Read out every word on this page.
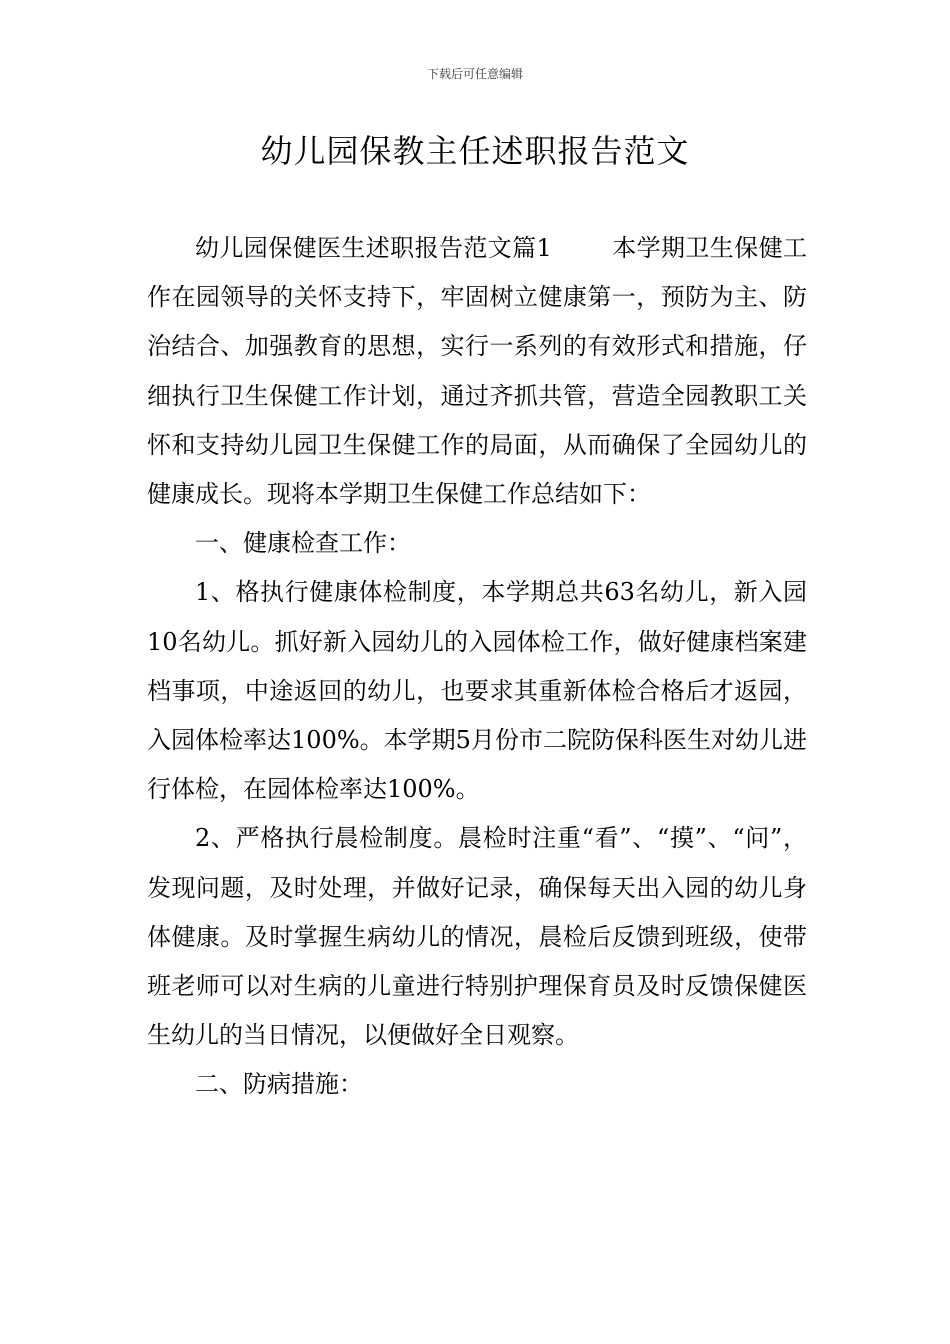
下载后可任意编辑
幼儿园保教主任述职报告范文

幼儿园保健医生述职报告范文篇1	本学期卫生保健工作在园领导的关怀支持下，牢固树立健康第一，预防为主、防治结合、加强教育的思想，实行一系列的有效形式和措施，仔细执行卫生保健工作计划，通过齐抓共管，营造全园教职工关怀和支持幼儿园卫生保健工作的局面，从而确保了全园幼儿的健康成长。现将本学期卫生保健工作总结如下：

一、健康检查工作：

1、格执行健康体检制度，本学期总共63名幼儿，新入园10名幼儿。抓好新入园幼儿的入园体检工作，做好健康档案建档事项，中途返回的幼儿，也要求其重新体检合格后才返园，入园体检率达100%。本学期5月份市二院防保科医生对幼儿进行体检，在园体检率达100%。

2、严格执行晨检制度。晨检时注重“看”、“摸”、“问”，发现问题，及时处理，并做好记录，确保每天出入园的幼儿身体健康。及时掌握生病幼儿的情况，晨检后反馈到班级，使带班老师可以对生病的儿童进行特别护理保育员及时反馈保健医生幼儿的当日情况，以便做好全日观察。

二、防病措施：
